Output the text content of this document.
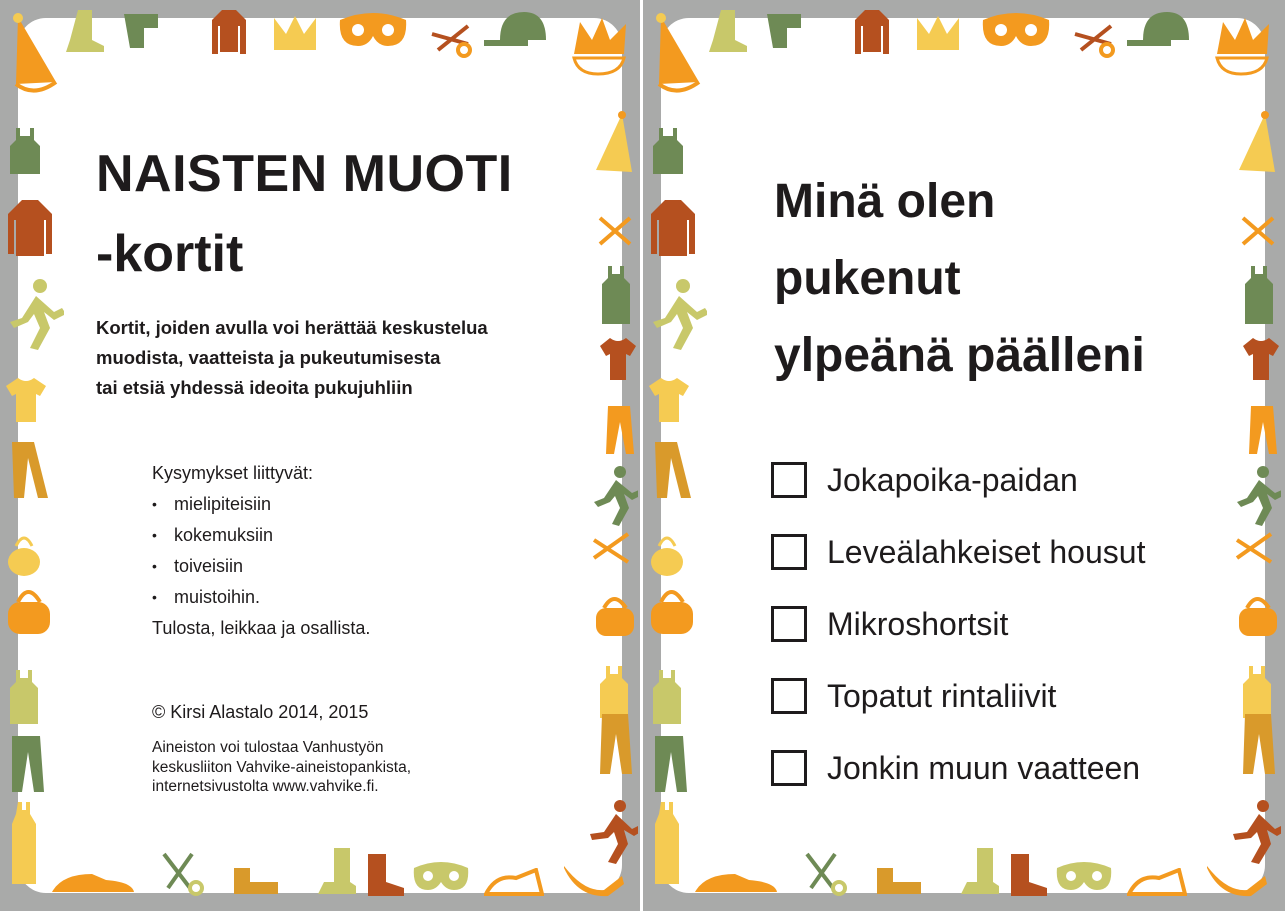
NAISTEN MUOTI
-kortit
Kortit, joiden avulla voi herättää keskustelua
muodista, vaatteista ja pukeutumisesta
tai etsiä yhdessä ideoita pukujuhliin
Kysymykset liittyvät:
• mielipiteisiin
• kokemuksiin
• toiveisiin
• muistoihin.
Tulosta, leikkaa ja osallista.
© Kirsi Alastalo 2014, 2015
Aineiston voi tulostaa Vanhustyön
keskusliiton Vahvike-aineistopankista,
internetsivustolta www.vahvike.fi.
Minä olen
pukenut
ylpeänä päälleni
Jokapoika-paidan
Leveälahkeiset housut
Mikroshortsit
Topatut rintaliivit
Jonkin muun vaatteen
